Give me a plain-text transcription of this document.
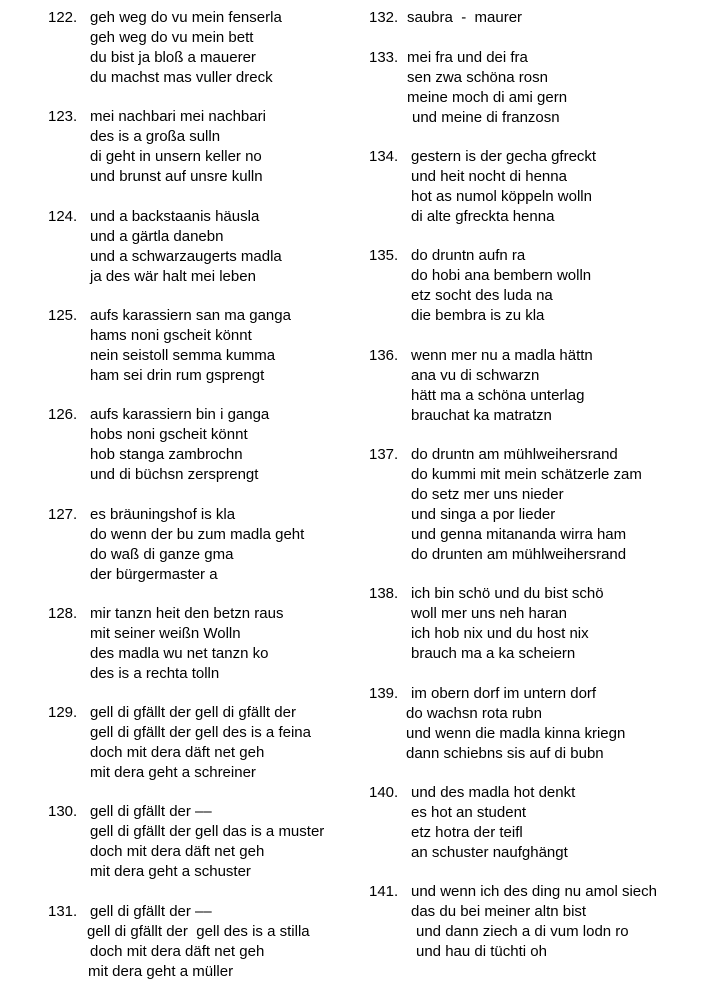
122. geh weg do vu mein fenserla
geh weg do vu mein bett
du bist ja bloß a mauerer
du machst mas vuller dreck
123. mei nachbari mei nachbari
des is a großa sulln
di geht in unsern keller no
und brunst auf unsre kulln
124. und a backstaanis häusla
und a gärtla danebn
und a schwarzaugerts madla
ja des wär halt mei leben
125. aufs karassiern san ma ganga
hams noni gscheit könnt
nein seistoll semma kumma
ham sei drin rum gsprengt
126. aufs karassiern bin i ganga
hobs noni gscheit könnt
hob stanga zambrochn
und di büchsn zersprengt
127. es bräuningshof is kla
do wenn der bu zum madla geht
do waß di ganze gma
der bürgermaster a
128. mir tanzn heit den betzn raus
mit seiner weißn Wolln
des madla wu net tanzn ko
des is a rechta tolln
129. gell di gfällt der gell di gfällt der
gell di gfällt der gell des is a feina
doch mit dera däft net geh
mit dera geht a schreiner
130. gell di gfällt der ––
gell di gfällt der gell das is a muster
doch mit dera däft net geh
mit dera geht a schuster
131. gell di gfällt der ––
gell di gfällt der  gell des is a stilla
doch mit dera däft net geh
mit dera geht a müller
132. saubra  -  maurer
133. mei fra und dei fra
sen zwa schöna rosn
meine moch di ami gern
und meine di franzosn
134. gestern is der gecha gfreckt
und heit nocht di henna
hot as numol köppeln wolln
di alte gfreckta henna
135. do druntn aufn ra
do hobi ana bembern wolln
etz socht des luda na
die bembra is zu kla
136. wenn mer nu a madla hättn
ana vu di schwarzn
hätt ma a schöna unterlag
brauchat ka matratzn
137. do druntn am mühlweihersrand
do kummi mit mein schätzerle zam
do setz mer uns nieder
und singa a por lieder
und genna mitananda wirra ham
do drunten am mühlweihersrand
138. ich bin schö und du bist schö
woll mer uns neh haran
ich hob nix und du host nix
brauch ma a ka scheiern
139. im obern dorf im untern dorf
do wachsn rota rubn
und wenn die madla kinna kriegn
dann schiebns sis auf di bubn
140. und des madla hot denkt
es hot an student
etz hotra der teifl
an schuster naufghängt
141. und wenn ich des ding nu amol siech
das du bei meiner altn bist
und dann ziech a di vum lodn ro
und hau di tüchti oh
